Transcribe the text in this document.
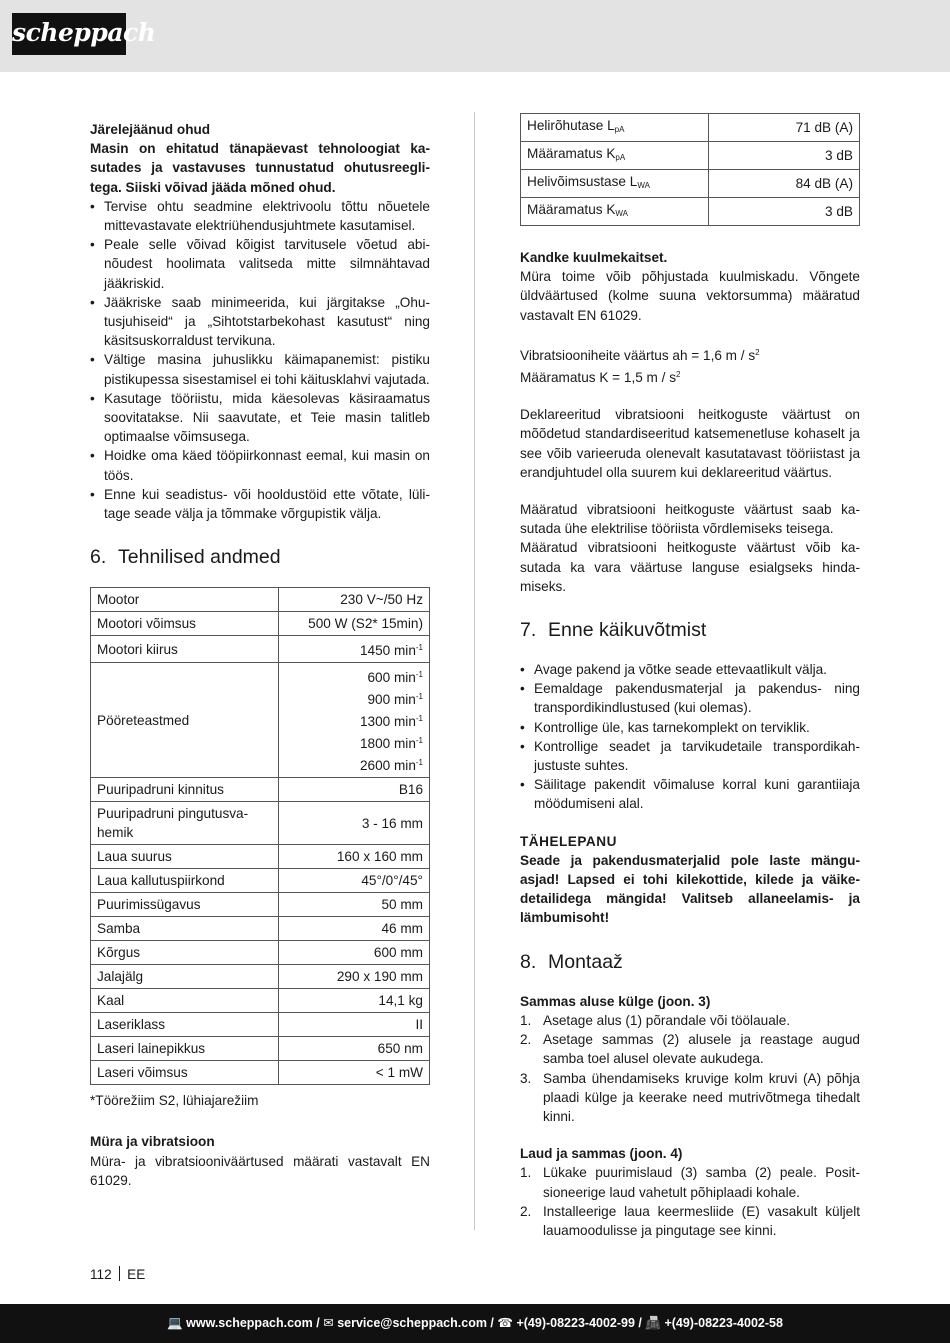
scheppach

Järelejäänud ohud

Masin on ehitatud tänapäevast tehnoloogiat kasutades ja vastavuses tunnustatud ohutusreeglitega. Siiski võivad jääda mõned ohud.

• Tervise ohtu seadmine elektrivoolu tõttu nõuetele mittevastavate elektriühendusjuhtmete kasutamisel.
• Peale selle võivad kõigist tarvitusele võetud abinõudest hoolimata valitseda mitte silmnähtavad jääkriskid.
• Jääkriske saab minimeerida, kui järgitakse „Ohutusjuhiseid“ ja „Sihtotstarbekohast kasutust“ ning käsitsuskorraldust tervikuna.
• Vältige masina juhuslikku käimapanemist: pistiku pistikupessa sisestamisel ei tohi käitusklahvi vajutada.
• Kasutage tööriistu, mida käesolevas käsiraamatus soovitatakse. Nii saavutate, et Teie masin talitleb optimaalse võimsusega.
• Hoidke oma käed tööpiirkonnast eemal, kui masin on töös.
• Enne kui seadistus- või hooldustöid ette võtate, lülitage seade välja ja tõmmake võrgupistik välja.
6. Tehnilised andmed
Mootor	230 V~/50 Hz
Mootori võimsus	500 W (S2* 15min)
Mootori kiirus	1450 $\min^{-1}$
Pööreteastmed	600 $\min^{-1}$
900 $\min^{-1}$
1300 $\min^{-1}$
1800 $\min^{-1}$
2600 $\min^{-1}$

Puuripadruni kinnitus	B16
Puuripadruni pingutusvahemik	3 - 16 mm
Laua suurus	160 x 160 mm
Laua kallutuspiirkond	45°/0°/45°
Puurimissügavus	50 mm
Samba	46 mm
Kõrgus	600 mm
Jalajälg	290 x 190 mm
Kaal	14,1 kg
Laseriklass	II
Laseri lainepikkus	650 nm
Laseri võimsus	< 1 mW

*Töörežiim S2, lühiajarežiim

Müra ja vibratsioon

Müra- ja vibratsiooniväärtused määrati vastavalt EN 61029.

Helirõhutase $L_{pA}$	71 dB (A)
Määramatus $K_{pA}$	3 dB
Helivõimsustase $L_{WA}$	84 dB (A)
Määramatus $K_{WA}$	3 dB

Kandke kuulmekaitset.

Müra toime võib põhjustada kuulmiskadu. Võngete üldväärtused (kolme suuna vektorsumma) määratud vastavalt EN 61029.

Vibratsiooniheite väärtus ah = 1,6 m / $s^2$

Määramatus K = 1,5 m / $s^2$

Deklareeritud vibratsiooni heitkoguste väärtust on mõõdetud standardiseeritud katsemenetluse kohaselt ja see võib varieeruda olenevalt kasutatavast tööriistast ja erandjuhtudel olla suurem kui deklareeritud väärtus.

Määratud vibratsiooni heitkoguste väärtust saab kasutada ühe elektrilise tööriista võrdlemiseks teisega.

Määratud vibratsiooni heitkoguste väärtust võib kasutada ka vara väärtuse languse esialgseks hindamiseks.

7. Enne käikuvõtmist
• Avage pakend ja võtke seade ettevaatlikult välja.
• Eemaldage pakendusmaterjal ja pakendus- ning transpordikindlustused (kui olemas).
• Kontrollige üle, kas tarnekomplekt on terviklik.
• Kontrollige seadet ja tarvikudetaile transpordikahjustuste suhtes.
• Säilitage pakendit võimaluse korral kuni garantiiaja möödumiseni alal.

TÄHELEPANU

Seade ja pakendusmaterjalid pole laste mänguasjad! Lapsed ei tohi kilekottide, kilede ja väikedetailidega mängida! Valitseb allaneelamis- ja lämbumisoht!

8. Montaaž

Sammas aluse külge (joon. 3)

1. Asetage alus (1) põrandale või töölauale.
2. Asetage sammas (2) alusele ja reastage augud samba toel alusel olevate aukudega.
3. Samba ühendamiseks kruvige kolm kruvi (A) põhja plaadi külge ja keerake need mutrivõtmega tihedalt kinni.

Laud ja sammas (joon. 4)

1. Lükake puurimislaud (3) samba (2) peale. Positsioneerige laud vahetult põhiplaadi kohale.
2. Installeerige laua keermesliide (E) vasakult küljelt lauamoodulisse ja pingutage see kinni.
112 EE
💻 www.scheppach.com / ✉ service@scheppach.com / ☎ +(49)-08223-4002-99 / 📠 +(49)-08223-4002-58
